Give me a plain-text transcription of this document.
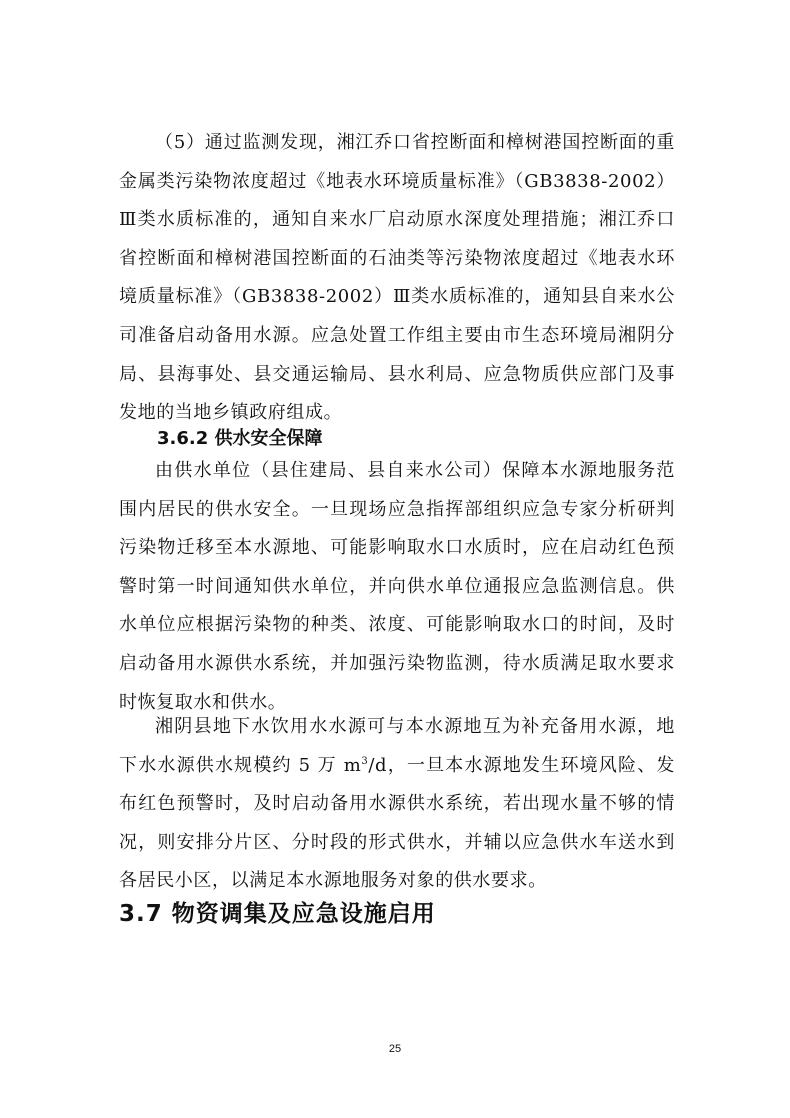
（5）通过监测发现，湘江乔口省控断面和樟树港国控断面的重金属类污染物浓度超过《地表水环境质量标准》（GB3838-2002）Ⅲ类水质标准的，通知自来水厂启动原水深度处理措施；湘江乔口省控断面和樟树港国控断面的石油类等污染物浓度超过《地表水环境质量标准》（GB3838-2002）Ⅲ类水质标准的，通知县自来水公司准备启动备用水源。应急处置工作组主要由市生态环境局湘阴分局、县海事处、县交通运输局、县水利局、应急物质供应部门及事发地的当地乡镇政府组成。

3.6.2 供水安全保障

由供水单位（县住建局、县自来水公司）保障本水源地服务范围内居民的供水安全。一旦现场应急指挥部组织应急专家分析研判污染物迁移至本水源地、可能影响取水口水质时，应在启动红色预警时第一时间通知供水单位，并向供水单位通报应急监测信息。供水单位应根据污染物的种类、浓度、可能影响取水口的时间，及时启动备用水源供水系统，并加强污染物监测，待水质满足取水要求时恢复取水和供水。

湘阴县地下水饮用水水源可与本水源地互为补充备用水源，地下水水源供水规模约 5 万 $m^3/d$，一旦本水源地发生环境风险、发布红色预警时，及时启动备用水源供水系统，若出现水量不够的情况，则安排分片区、分时段的形式供水，并辅以应急供水车送水到各居民小区，以满足本水源地服务对象的供水要求。

3.7 物资调集及应急设施启用
25
